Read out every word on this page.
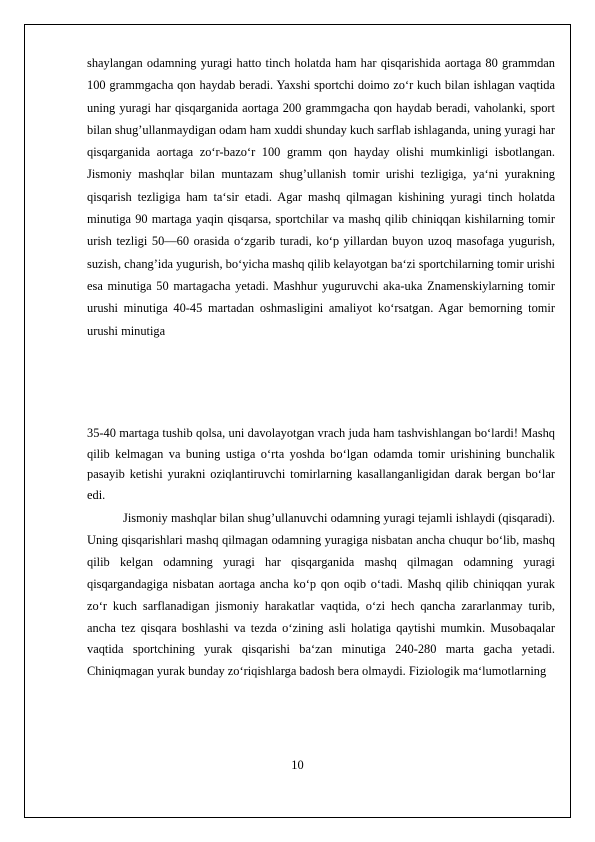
shaylangan odamning yuragi hatto tinch holatda ham har qisqarishida aortaga 80 grammdan 100 grammgacha qon haydab beradi. Yaxshi sportchi doimo zo‘r kuch bilan ishlagan vaqtida uning yuragi har qisqarganida aortaga 200 grammgacha qon haydab beradi, vaholanki, sport bilan shug’ullanmaydigan odam ham xuddi shunday kuch sarflab ishlaganda, uning yuragi har qisqarganida aortaga zo‘r-bazo‘r 100 gramm qon hayday olishi mumkinligi isbotlangan. Jismoniy mashqlar bilan muntazam shug’ullanish tomir urishi tezligiga, ya‘ni yurakning qisqarish tezligiga ham ta‘sir etadi. Agar mashq qilmagan kishining yuragi tinch holatda minutiga 90 martaga yaqin qisqarsa, sportchilar va mashq qilib chiniqqan kishilarning tomir urish tezligi 50—60 orasida o‘zgarib turadi, ko‘p yillardan buyon uzoq masofaga yugurish, suzish, chang’ida yugurish, bo‘yicha mashq qilib kelayotgan ba‘zi sportchilarning tomir urishi esa minutiga 50 martagacha yetadi. Mashhur yuguruvchi aka-uka Znamenskiylarning tomir urushi minutiga 40-45 martadan oshmasligini amaliyot ko‘rsatgan. Agar bemorning tomir urushi minutiga

35-40 martaga tushib qolsa, uni davolayotgan vrach juda ham tashvishlangan bo‘lardi! Mashq qilib kelmagan va buning ustiga o‘rta yoshda bo‘lgan odamda tomir urishining bunchalik pasayib ketishi yurakni oziqlantiruvchi tomirlarning kasallanganligidan darak bergan bo‘lar edi.

Jismoniy mashqlar bilan shug’ullanuvchi odamning yuragi tejamli ishlaydi (qisqaradi). Uning qisqarishlari mashq qilmagan odamning yuragiga nisbatan ancha chuqur bo‘lib, mashq qilib kelgan odamning yuragi har qisqarganida mashq qilmagan odamning yuragi qisqargandagiga nisbatan aortaga ancha ko‘p qon oqib o‘tadi. Mashq qilib chiniqqan yurak zo‘r kuch sarflanadigan jismoniy harakatlar vaqtida, o‘zi hech qancha zararlanmay turib, ancha tez qisqara boshlashi va tezda o‘zining asli holatiga qaytishi mumkin. Musobaqalar vaqtida sportchining yurak qisqarishi ba‘zan minutiga 240-280 marta gacha yetadi. Chiniqmagan yurak bunday zo‘riqishlarga badosh bera olmaydi. Fiziologik ma‘lumotlarning

10
